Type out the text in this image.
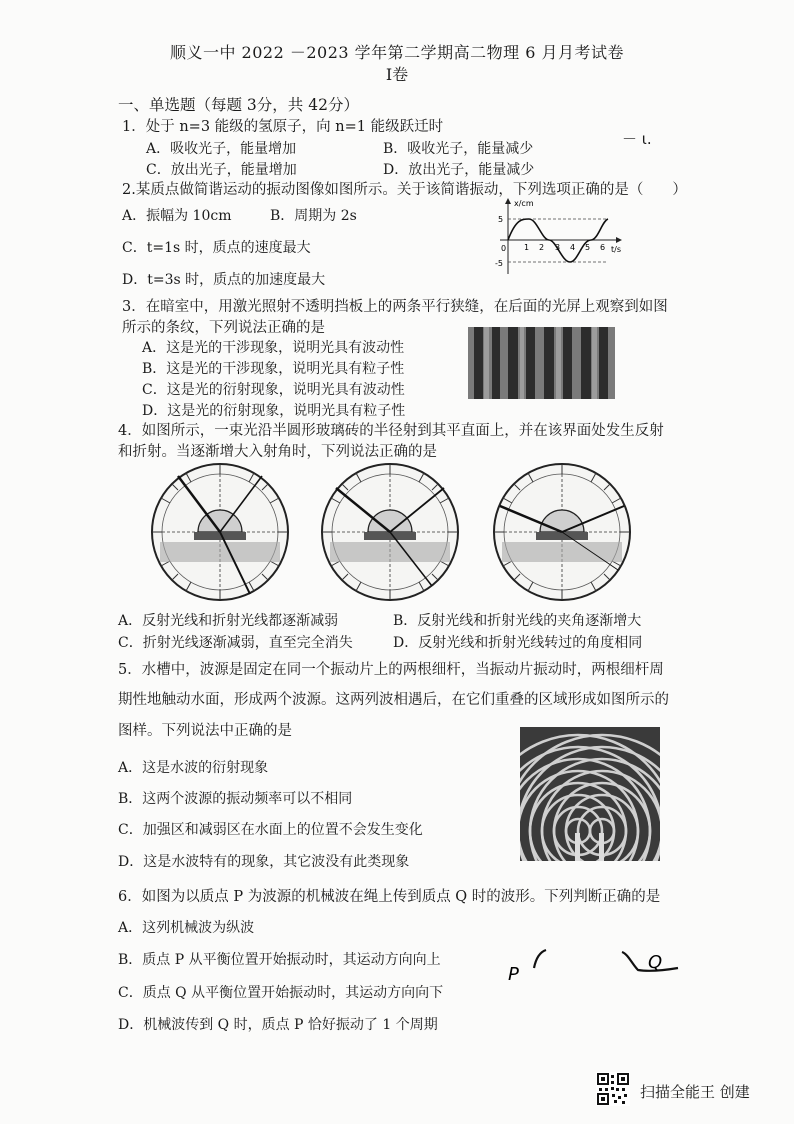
顺义一中 2022 －2023 学年第二学期高二物理 6 月月考试卷
Ⅰ卷
一、单选题（每题 3分，共 42分）
－ ɩ.
1．处于 n=3 能级的氢原子，向 n=1 能级跃迁时
A．吸收光子，能量增加	B．吸收光子，能量减少
C．放出光子，能量增加	D．放出光子，能量减少
2.某质点做简谐运动的振动图像如图所示。关于该简谐振动，下列选项正确的是（　　）
A．振幅为 10cm	B．周期为 2s
C．t=1s 时，质点的速度最大
D．t=3s 时，质点的加速度最大
x/cm
t/s
5
-5
0 1 2 3 4 5 6
3．在暗室中，用激光照射不透明挡板上的两条平行狭缝，在后面的光屏上观察到如图
所示的条纹，下列说法正确的是
A．这是光的干涉现象，说明光具有波动性
B．这是光的干涉现象，说明光具有粒子性
C．这是光的衍射现象，说明光具有波动性
D．这是光的衍射现象，说明光具有粒子性
4．如图所示，一束光沿半圆形玻璃砖的半径射到其平直面上，并在该界面处发生反射
和折射。当逐渐增大入射角时，下列说法正确的是
A．反射光线和折射光线都逐渐减弱	B．反射光线和折射光线的夹角逐渐增大
C．折射光线逐渐减弱，直至完全消失	D．反射光线和折射光线转过的角度相同
5．水槽中，波源是固定在同一个振动片上的两根细杆，当振动片振动时，两根细杆周
期性地触动水面，形成两个波源。这两列波相遇后，在它们重叠的区域形成如图所示的
图样。下列说法中正确的是
A．这是水波的衍射现象
B．这两个波源的振动频率可以不相同
C．加强区和减弱区在水面上的位置不会发生变化
D．这是水波特有的现象，其它波没有此类现象
6．如图为以质点 P 为波源的机械波在绳上传到质点 Q 时的波形。下列判断正确的是
A．这列机械波为纵波
B．质点 P 从平衡位置开始振动时，其运动方向向上
C．质点 Q 从平衡位置开始振动时，其运动方向向下
D．机械波传到 Q 时，质点 P 恰好振动了 1 个周期
P
Q
扫描全能王 创建
